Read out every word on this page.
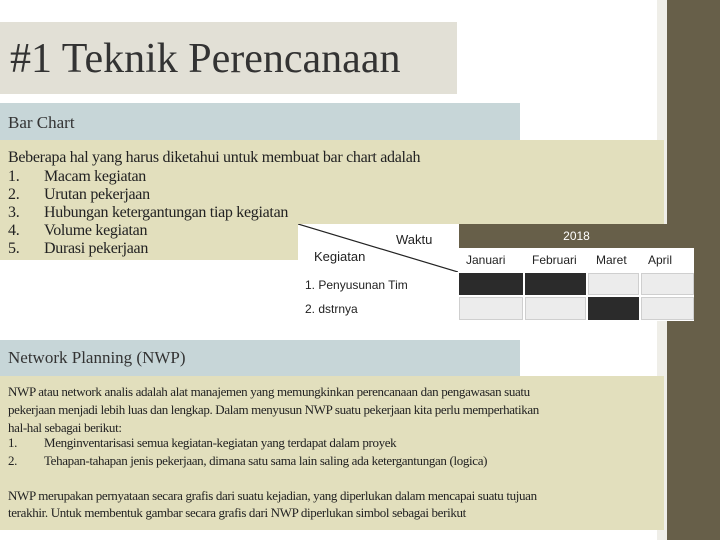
#1 Teknik Perencanaan
Bar Chart
Beberapa hal yang harus diketahui untuk membuat bar chart adalah
1. Macam kegiatan
2. Urutan pekerjaan
3. Hubungan ketergantungan tiap kegiatan
4. Volume kegiatan
5. Durasi pekerjaan
Waktu
Kegiatan
2018
Januari Februari Maret April
1. Penyusunan Tim
2. dstrnya
Network Planning (NWP)
NWP atau network analis adalah alat manajemen yang memungkinkan perencanaan dan pengawasan suatu
pekerjaan menjadi lebih luas dan lengkap. Dalam menyusun NWP suatu pekerjaan kita perlu memperhatikan
hal-hal sebagai berikut:
1. Menginventarisasi semua kegiatan-kegiatan yang terdapat dalam proyek
2. Tehapan-tahapan jenis pekerjaan, dimana satu sama lain saling ada ketergantungan (logica)
NWP merupakan pernyataan secara grafis dari suatu kejadian, yang diperlukan dalam mencapai suatu tujuan
terakhir. Untuk membentuk gambar secara grafis dari NWP diperlukan simbol sebagai berikut
